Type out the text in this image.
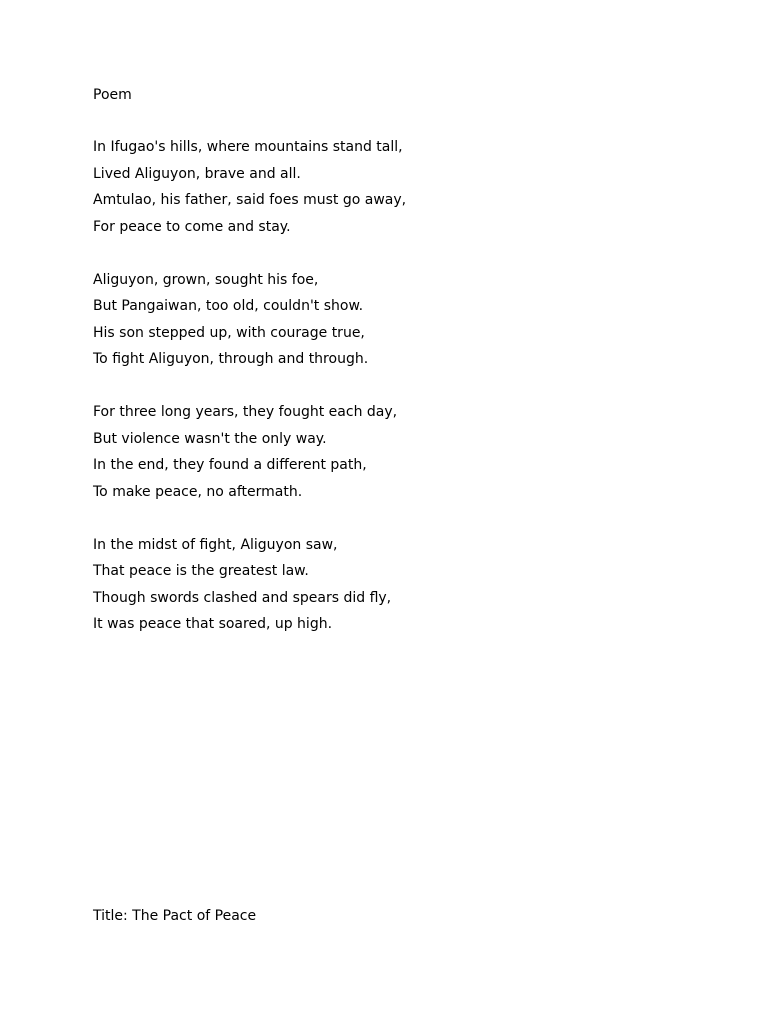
Poem

In Ifugao's hills, where mountains stand tall,
Lived Aliguyon, brave and all.
Amtulao, his father, said foes must go away,
For peace to come and stay.
Aliguyon, grown, sought his foe,
But Pangaiwan, too old, couldn't show.
His son stepped up, with courage true,
To fight Aliguyon, through and through.
For three long years, they fought each day,
But violence wasn't the only way.
In the end, they found a different path,
To make peace, no aftermath.
In the midst of fight, Aliguyon saw,
That peace is the greatest law.
Though swords clashed and spears did fly,
It was peace that soared, up high.

Title: The Pact of Peace
